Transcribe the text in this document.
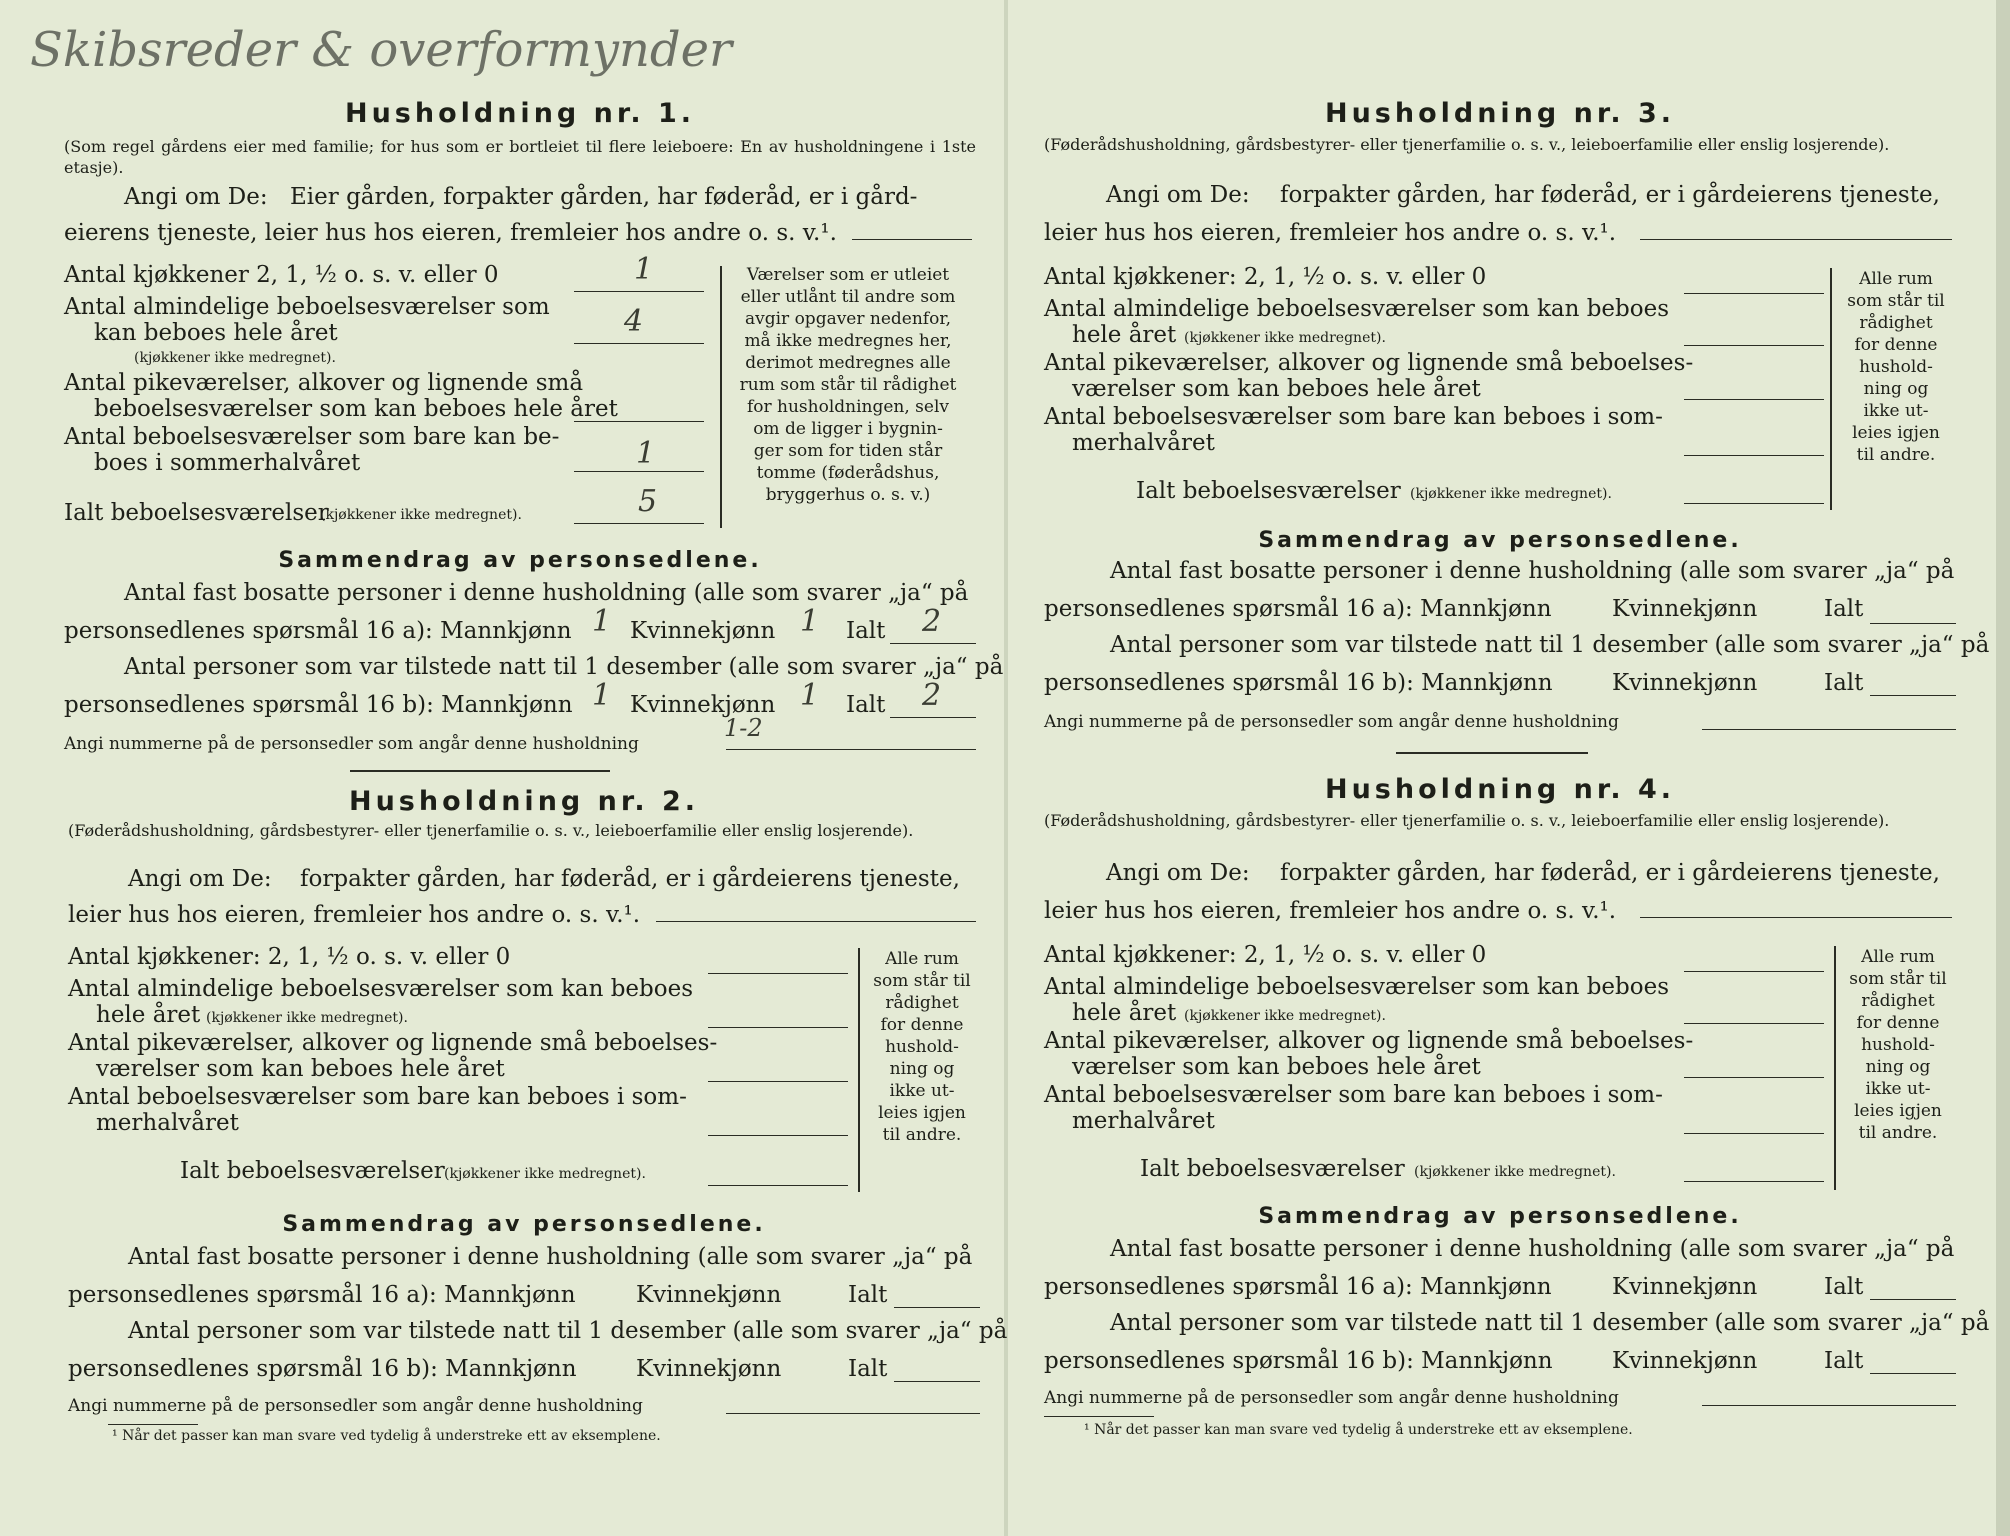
Skibsreder & overformynder
Husholdning nr. 1.
(Som regel gårdens eier med familie; for hus som er bortleiet til flere leieboere: En av husholdningene i 1ste etasje).
Angi om De: Eier gården, forpakter gården, har føderåd, er i gård-
eierens tjeneste, leier hus hos eieren, fremleier hos andre o. s. v.¹.
Antal kjøkkener 2, 1, ½ o. s. v. eller 0	1
Antal almindelige beboelsesværelser som
kan beboes hele året	4
(kjøkkener ikke medregnet).
Antal pikeværelser, alkover og lignende små
beboelsesværelser som kan beboes hele året
Antal beboelsesværelser som bare kan be-
boes i sommerhalvåret	1
Ialt beboelsesværelser
(kjøkkener ikke medregnet).	5
Værelser som er utleiet
eller utlånt til andre som
avgir opgaver nedenfor,
må ikke medregnes her,
derimot medregnes alle
rum som står til rådighet
for husholdningen, selv
om de ligger i bygnin-
ger som for tiden står
tomme (føderådshus,
bryggerhus o. s. v.)
Sammendrag av personsedlene.
Antal fast bosatte personer i denne husholdning (alle som svarer „ja“ på
personsedlenes spørsmål 16 a): Mannkjønn 1 Kvinnekjønn 1 Ialt 2
Antal personer som var tilstede natt til 1 desember (alle som svarer „ja“ på
personsedlenes spørsmål 16 b): Mannkjønn 1 Kvinnekjønn 1 Ialt 2
Angi nummerne på de personsedler som angår denne husholdning
1-2
Husholdning nr. 2.
(Føderådshusholdning, gårdsbestyrer- eller tjenerfamilie o. s. v., leieboerfamilie eller enslig losjerende).
Angi om De: forpakter gården, har føderåd, er i gårdeierens tjeneste,
leier hus hos eieren, fremleier hos andre o. s. v.¹.
Antal kjøkkener: 2, 1, ½ o. s. v. eller 0
Antal almindelige beboelsesværelser som kan beboes
hele året (kjøkkener ikke medregnet).
Antal pikeværelser, alkover og lignende små beboelses-
værelser som kan beboes hele året
Antal beboelsesværelser som bare kan beboes i som-
merhalvåret
Ialt beboelsesværelser (kjøkkener ikke medregnet).
Alle rum
som står til
rådighet
for denne
hushold-
ning og
ikke ut-
leies igjen
til andre.
Sammendrag av personsedlene.
Antal fast bosatte personer i denne husholdning (alle som svarer „ja“ på
personsedlenes spørsmål 16 a): Mannkjønn	Kvinnekjønn	Ialt
Antal personer som var tilstede natt til 1 desember (alle som svarer „ja“ på
personsedlenes spørsmål 16 b): Mannkjønn	Kvinnekjønn	Ialt
Angi nummerne på de personsedler som angår denne husholdning
¹ Når det passer kan man svare ved tydelig å understreke ett av eksemplene.
Husholdning nr. 3.
(Føderådshusholdning, gårdsbestyrer- eller tjenerfamilie o. s. v., leieboerfamilie eller enslig losjerende).
Angi om De: forpakter gården, har føderåd, er i gårdeierens tjeneste,
leier hus hos eieren, fremleier hos andre o. s. v.¹.
Antal kjøkkener: 2, 1, ½ o. s. v. eller 0
Antal almindelige beboelsesværelser som kan beboes
hele året (kjøkkener ikke medregnet).
Antal pikeværelser, alkover og lignende små beboelses-
værelser som kan beboes hele året
Antal beboelsesværelser som bare kan beboes i som-
merhalvåret
Ialt beboelsesværelser (kjøkkener ikke medregnet).
Alle rum
som står til
rådighet
for denne
hushold-
ning og
ikke ut-
leies igjen
til andre.
Sammendrag av personsedlene.
Antal fast bosatte personer i denne husholdning (alle som svarer „ja“ på
personsedlenes spørsmål 16 a): Mannkjønn	Kvinnekjønn	Ialt
Antal personer som var tilstede natt til 1 desember (alle som svarer „ja“ på
personsedlenes spørsmål 16 b): Mannkjønn	Kvinnekjønn	Ialt
Angi nummerne på de personsedler som angår denne husholdning
Husholdning nr. 4.
(Føderådshusholdning, gårdsbestyrer- eller tjenerfamilie o. s. v., leieboerfamilie eller enslig losjerende).
Angi om De: forpakter gården, har føderåd, er i gårdeierens tjeneste,
leier hus hos eieren, fremleier hos andre o. s. v.¹.
Antal kjøkkener: 2, 1, ½ o. s. v. eller 0
Antal almindelige beboelsesværelser som kan beboes
hele året (kjøkkener ikke medregnet).
Antal pikeværelser, alkover og lignende små beboelses-
værelser som kan beboes hele året
Antal beboelsesværelser som bare kan beboes i som-
merhalvåret
Ialt beboelsesværelser (kjøkkener ikke medregnet).
Alle rum
som står til
rådighet
for denne
hushold-
ning og
ikke ut-
leies igjen
til andre.
Sammendrag av personsedlene.
Antal fast bosatte personer i denne husholdning (alle som svarer „ja“ på
personsedlenes spørsmål 16 a): Mannkjønn	Kvinnekjønn	Ialt
Antal personer som var tilstede natt til 1 desember (alle som svarer „ja“ på
personsedlenes spørsmål 16 b): Mannkjønn	Kvinnekjønn	Ialt
Angi nummerne på de personsedler som angår denne husholdning
¹ Når det passer kan man svare ved tydelig å understreke ett av eksemplene.
